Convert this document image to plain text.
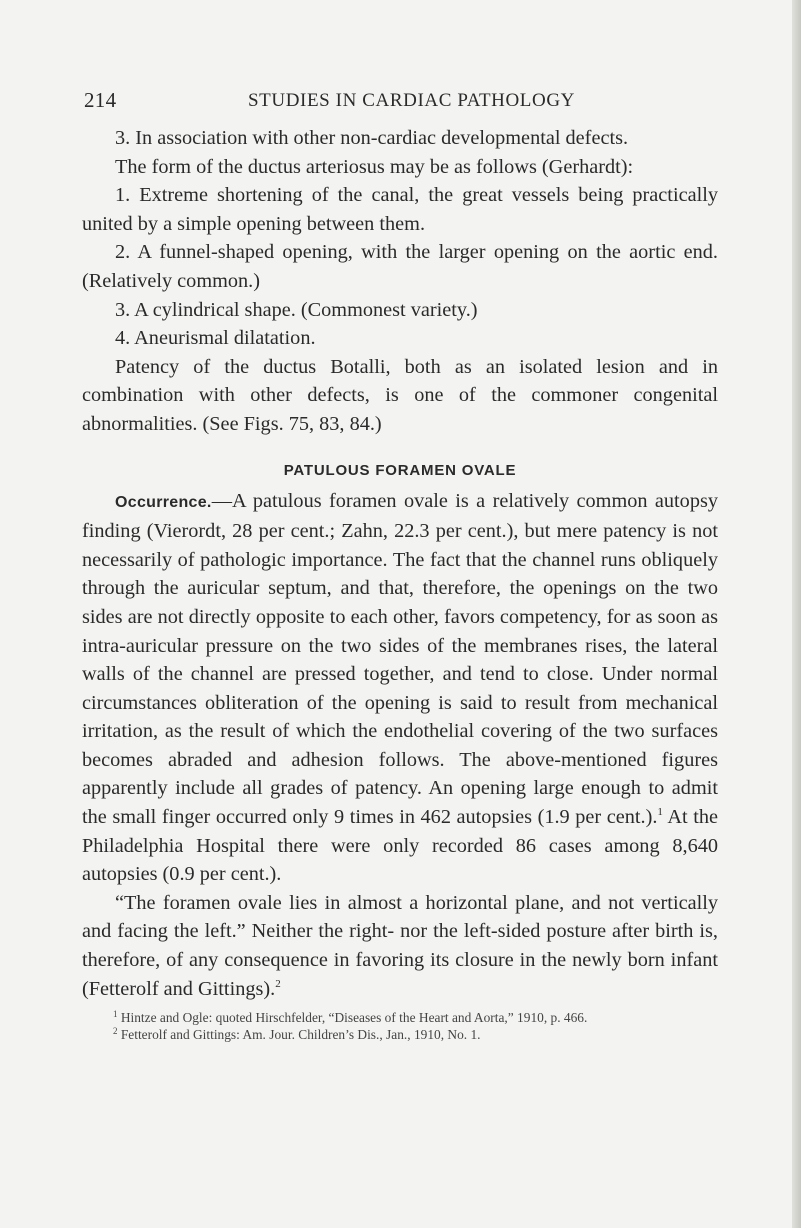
214	STUDIES IN CARDIAC PATHOLOGY

3. In association with other non-cardiac developmental defects.

The form of the ductus arteriosus may be as follows (Gerhardt):

1. Extreme shortening of the canal, the great vessels being practically united by a simple opening between them.

2. A funnel-shaped opening, with the larger opening on the aortic end. (Relatively common.)

3. A cylindrical shape. (Commonest variety.)

4. Aneurismal dilatation.

Patency of the ductus Botalli, both as an isolated lesion and in combination with other defects, is one of the commoner congenital abnormalities. (See Figs. 75, 83, 84.)

PATULOUS FORAMEN OVALE

Occurrence.—A patulous foramen ovale is a relatively common autopsy finding (Vierordt, 28 per cent.; Zahn, 22.3 per cent.), but mere patency is not necessarily of pathologic importance. The fact that the channel runs obliquely through the auricular septum, and that, therefore, the openings on the two sides are not directly opposite to each other, favors competency, for as soon as intra-auricular pressure on the two sides of the membranes rises, the lateral walls of the channel are pressed together, and tend to close. Under normal circumstances obliteration of the opening is said to result from mechanical irritation, as the result of which the endothelial covering of the two surfaces becomes abraded and adhesion follows. The above-mentioned figures apparently include all grades of patency. An opening large enough to admit the small finger occurred only 9 times in 462 autopsies (1.9 per cent.).$^1$ At the Philadelphia Hospital there were only recorded 86 cases among 8,640 autopsies (0.9 per cent.).

“The foramen ovale lies in almost a horizontal plane, and not vertically and facing the left.” Neither the right- nor the left-sided posture after birth is, therefore, of any consequence in favoring its closure in the newly born infant (Fetterolf and Gittings).$^2$

$^1$ Hintze and Ogle: quoted Hirschfelder, “Diseases of the Heart and Aorta,” 1910, p. 466.

$^2$ Fetterolf and Gittings: Am. Jour. Children’s Dis., Jan., 1910, No. 1.
